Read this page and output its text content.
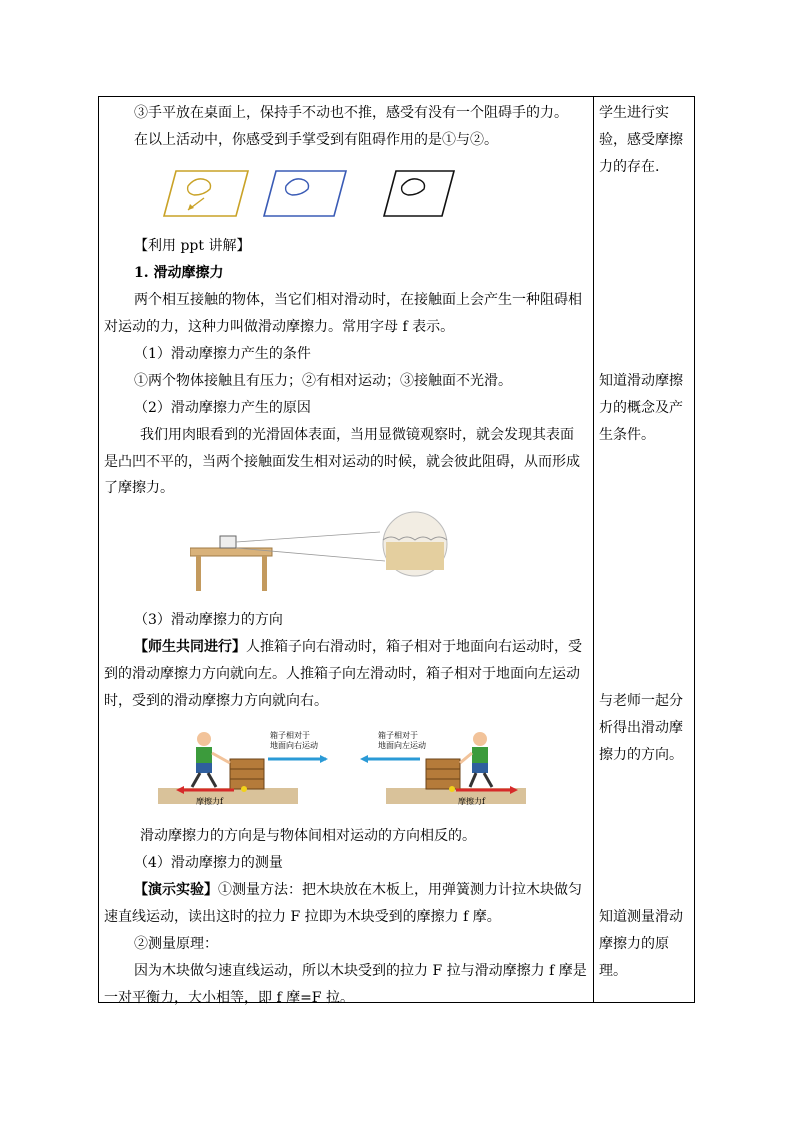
③手平放在桌面上，保持手不动也不推，感受有没有一个阻碍手的力。
在以上活动中，你感受到手掌受到有阻碍作用的是①与②。
【利用 ppt 讲解】
1. 滑动摩擦力
两个相互接触的物体，当它们相对滑动时，在接触面上会产生一种阻碍相
对运动的力，这种力叫做滑动摩擦力。常用字母 f 表示。
（1）滑动摩擦力产生的条件
①两个物体接触且有压力；②有相对运动；③接触面不光滑。
（2）滑动摩擦力产生的原因
我们用肉眼看到的光滑固体表面，当用显微镜观察时，就会发现其表面
是凸凹不平的，当两个接触面发生相对运动的时候，就会彼此阻碍，从而形成
了摩擦力。
（3）滑动摩擦力的方向
【师生共同进行】人推箱子向右滑动时，箱子相对于地面向右运动时，受
到的滑动摩擦力方向就向左。人推箱子向左滑动时，箱子相对于地面向左运动
时，受到的滑动摩擦力方向就向右。
箱子相对于
地面向右运动
箱子相对于
地面向左运动
摩擦力f	摩擦力f
滑动摩擦力的方向是与物体间相对运动的方向相反的。
（4）滑动摩擦力的测量
【演示实验】①测量方法：把木块放在木板上，用弹簧测力计拉木块做匀
速直线运动，读出这时的拉力 F 拉即为木块受到的摩擦力 f 摩。
②测量原理：
因为木块做匀速直线运动，所以木块受到的拉力 F 拉与滑动摩擦力 f 摩是
一对平衡力，大小相等，即 f 摩=F 拉。
学生进行实
验，感受摩擦
力的存在.
知道滑动摩擦
力的概念及产
生条件。
与老师一起分
析得出滑动摩
擦力的方向。
知道测量滑动
摩擦力的原
理。
